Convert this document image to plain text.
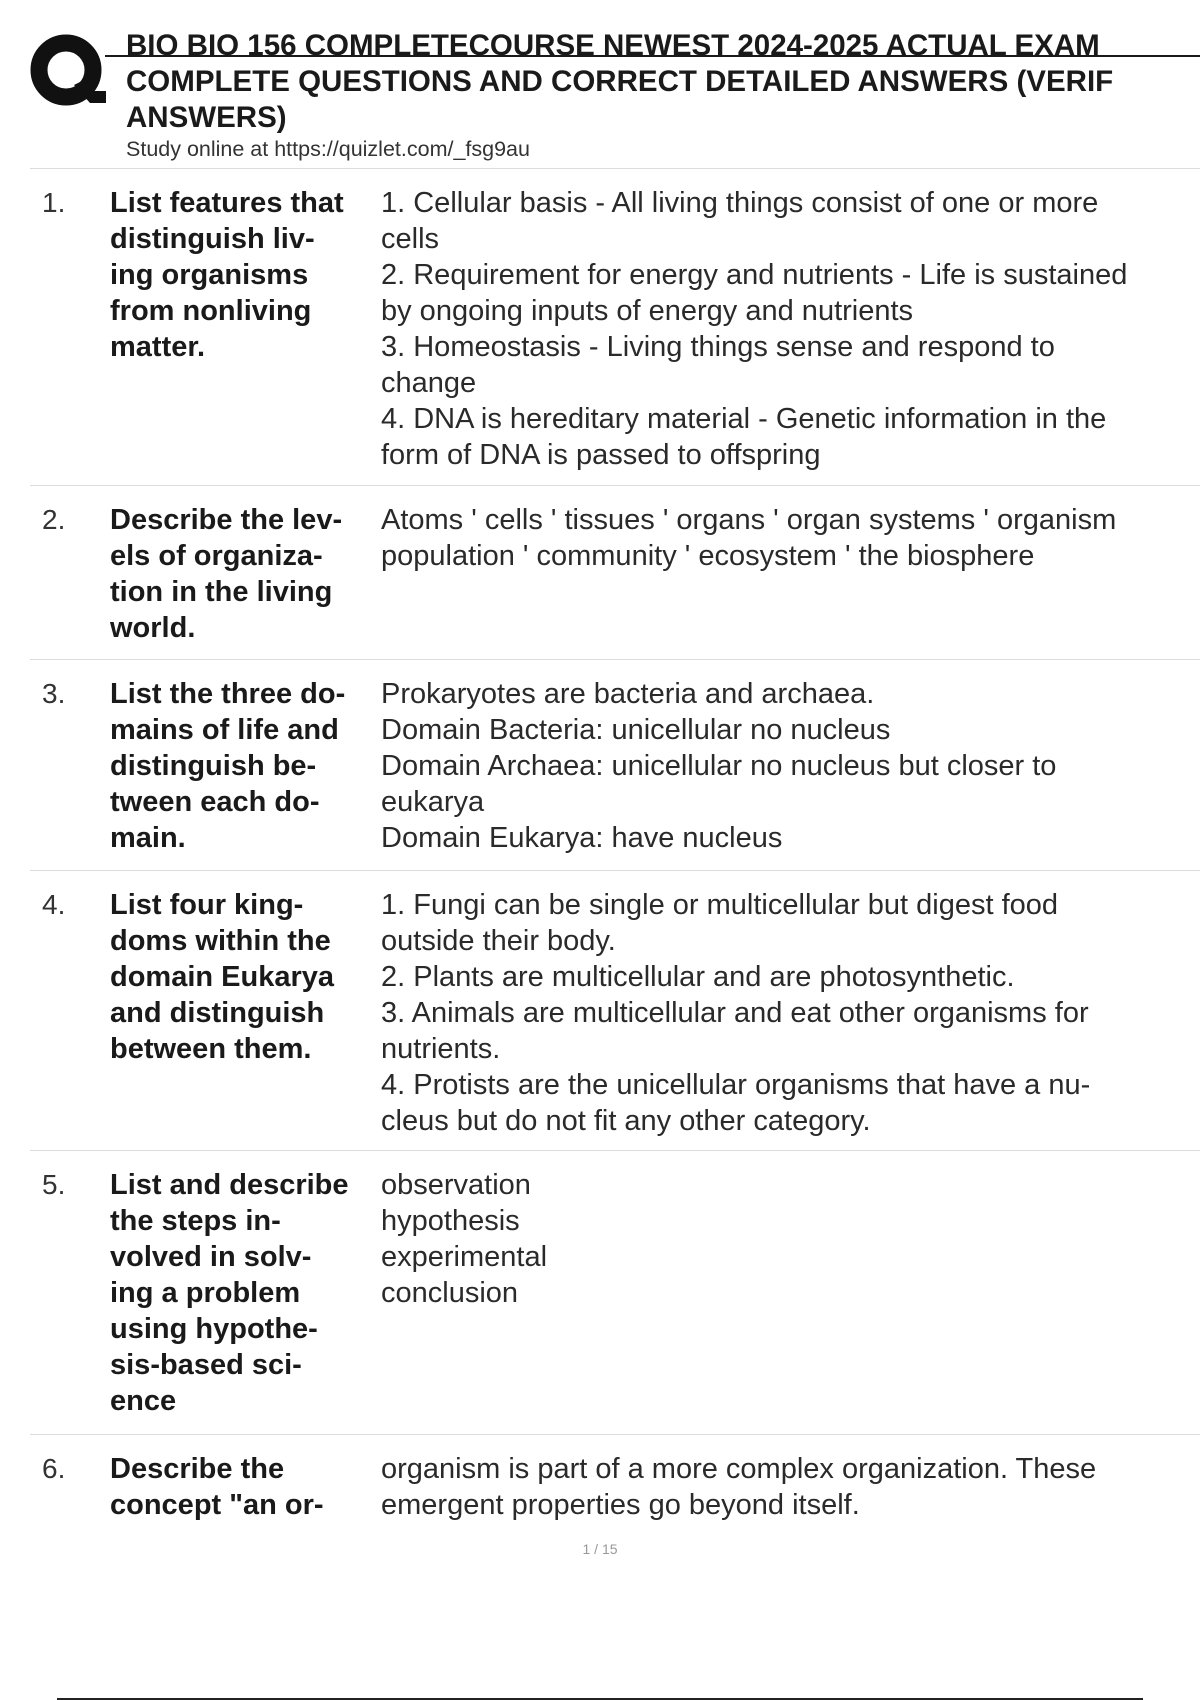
BIO BIO 156 COMPLETECOURSE NEWEST 2024-2025 ACTUAL EXAM
COMPLETE QUESTIONS AND CORRECT DETAILED ANSWERS (VERIF
ANSWERS)
Study online at https://quizlet.com/_fsg9au
1. List features that
distinguish liv-
ing organisms
from nonliving
matter.
1. Cellular basis - All living things consist of one or more
cells
2. Requirement for energy and nutrients - Life is sustained
by ongoing inputs of energy and nutrients
3. Homeostasis - Living things sense and respond to
change
4. DNA is hereditary material - Genetic information in the
form of DNA is passed to offspring
2. Describe the lev-
els of organiza-
tion in the living
world.
Atoms ' cells ' tissues ' organs ' organ systems ' organism
population ' community ' ecosystem ' the biosphere
3. List the three do-
mains of life and
distinguish be-
tween each do-
main.
Prokaryotes are bacteria and archaea.
Domain Bacteria: unicellular no nucleus
Domain Archaea: unicellular no nucleus but closer to
eukarya
Domain Eukarya: have nucleus
4. List four king-
doms within the
domain Eukarya
and distinguish
between them.
1. Fungi can be single or multicellular but digest food
outside their body.
2. Plants are multicellular and are photosynthetic.
3. Animals are multicellular and eat other organisms for
nutrients.
4. Protists are the unicellular organisms that have a nu-
cleus but do not fit any other category.
5. List and describe
the steps in-
volved in solv-
ing a problem
using hypothe-
sis-based sci-
ence
observation
hypothesis
experimental
conclusion
6. Describe the
concept "an or-
organism is part of a more complex organization. These
emergent properties go beyond itself.
1 / 15
